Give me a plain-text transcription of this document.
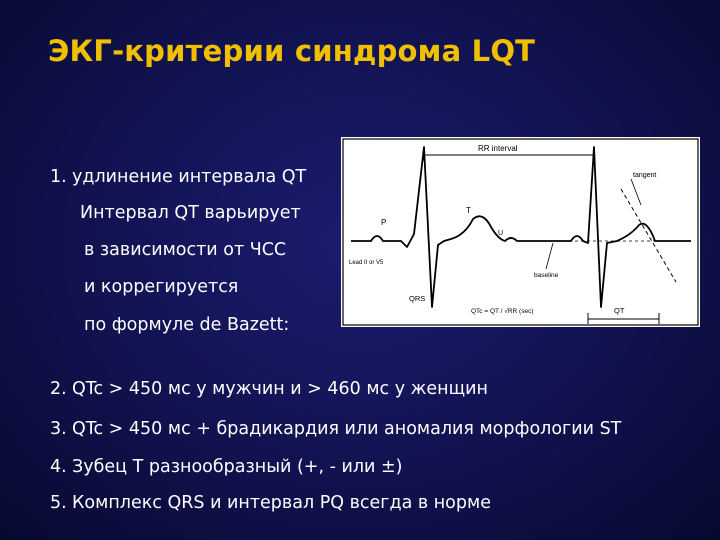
ЭКГ-критерии синдрома LQT
1. удлинение интервала QT
Интервал QT варьирует
в зависимости от ЧСС
и коррегируется
по формуле de Bazett:
2. QTc > 450 мс у мужчин и > 460 мс у женщин
3. QTc > 450 мс + брадикардия или аномалия морфологии ST
4. Зубец Т разнообразный (+, - или ±)
5. Комплекс QRS и интервал PQ всегда в норме
RR interval
tangent
P
T
U
Lead II or V5
baseline
QRS
QTc = QT / √RR (sec)	QT
